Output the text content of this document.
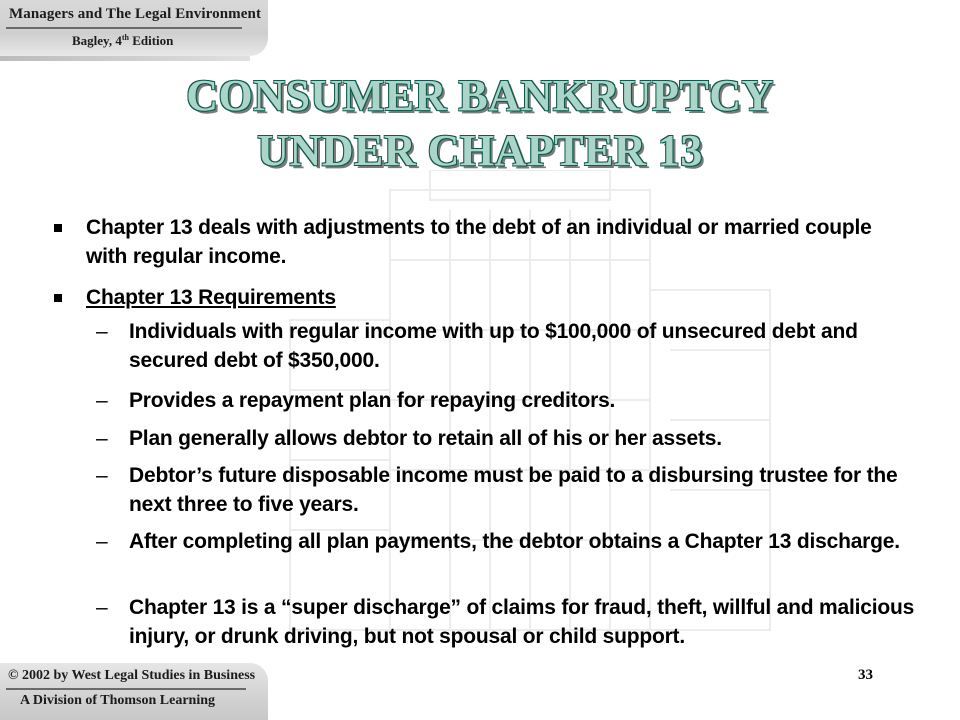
Managers and The Legal Environment
Bagley, 4th Edition
CONSUMER BANKRUPTCY
UNDER CHAPTER 13
Chapter 13 deals with adjustments to the debt of an individual or married couple with regular income.
Chapter 13 Requirements
– Individuals with regular income with up to $100,000 of unsecured debt and secured debt of $350,000.
– Provides a repayment plan for repaying creditors.
– Plan generally allows debtor to retain all of his or her assets.
– Debtor’s future disposable income must be paid to a disbursing trustee for the next three to five years.
– After completing all plan payments, the debtor obtains a Chapter 13 discharge.
– Chapter 13 is a “super discharge” of claims for fraud, theft, willful and malicious injury, or drunk driving, but not spousal or child support.
© 2002 by West Legal Studies in Business
A Division of Thomson Learning
33
